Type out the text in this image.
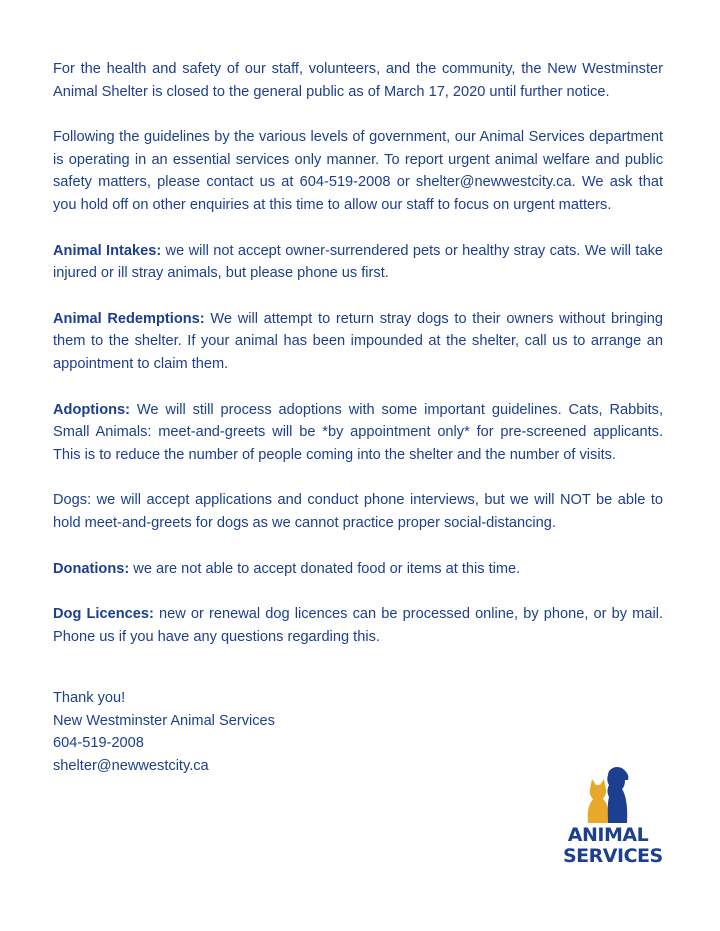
For the health and safety of our staff, volunteers, and the community, the New Westminster Animal Shelter is closed to the general public as of March 17, 2020 until further notice.

Following the guidelines by the various levels of government, our Animal Services department is operating in an essential services only manner. To report urgent animal welfare and public safety matters, please contact us at 604-519-2008 or shelter@newwestcity.ca. We ask that you hold off on other enquiries at this time to allow our staff to focus on urgent matters.

Animal Intakes: we will not accept owner-surrendered pets or healthy stray cats. We will take injured or ill stray animals, but please phone us first.

Animal Redemptions: We will attempt to return stray dogs to their owners without bringing them to the shelter. If your animal has been impounded at the shelter, call us to arrange an appointment to claim them.

Adoptions: We will still process adoptions with some important guidelines. Cats, Rabbits, Small Animals: meet-and-greets will be *by appointment only* for pre-screened applicants. This is to reduce the number of people coming into the shelter and the number of visits.

Dogs: we will accept applications and conduct phone interviews, but we will NOT be able to hold meet-and-greets for dogs as we cannot practice proper social-distancing.

Donations: we are not able to accept donated food or items at this time.

Dog Licences: new or renewal dog licences can be processed online, by phone, or by mail. Phone us if you have any questions regarding this.

Thank you!
New Westminster Animal Services
604-519-2008
shelter@newwestcity.ca
ANIMAL
SERVICES
